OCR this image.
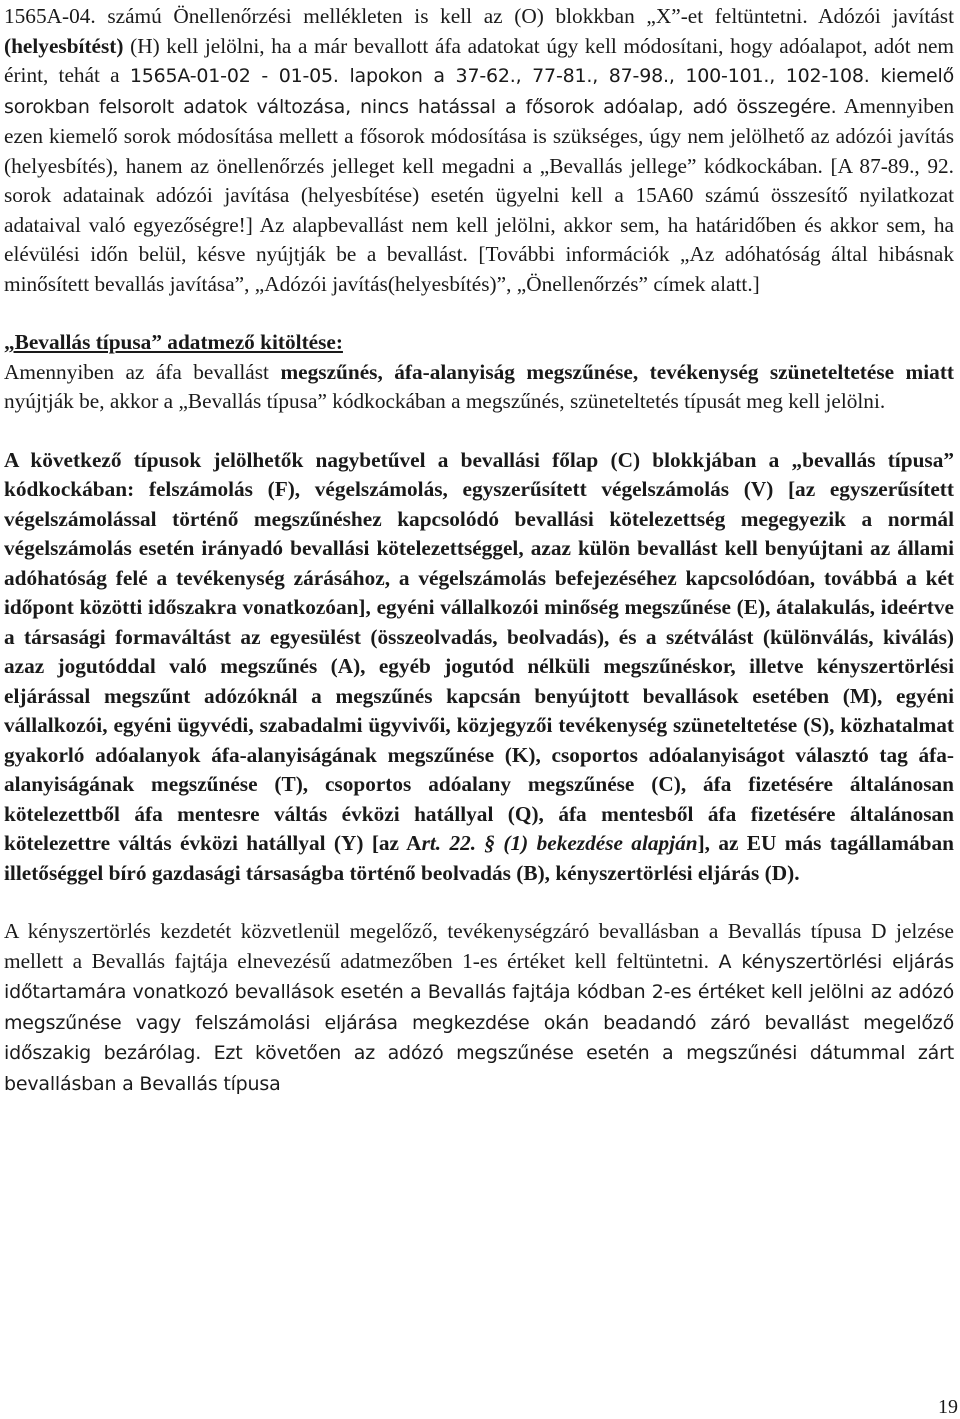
1565A-04. számú Önellenőrzési mellékleten is kell az (O) blokkban „X”-et feltüntetni. Adózói javítást (helyesbítést) (H) kell jelölni, ha a már bevallott áfa adatokat úgy kell módosítani, hogy adóalapot, adót nem érint, tehát a 1565A-01-02 - 01-05. lapokon a 37-62., 77-81., 87-98., 100-101., 102-108. kiemelő sorokban felsorolt adatok változása, nincs hatással a fősorok adóalap, adó összegére. Amennyiben ezen kiemelő sorok módosítása mellett a fősorok módosítása is szükséges, úgy nem jelölhető az adózói javítás (helyesbítés), hanem az önellenőrzés jelleget kell megadni a „Bevallás jellege” kódkockában. [A 87-89., 92. sorok adatainak adózói javítása (helyesbítése) esetén ügyelni kell a 15A60 számú összesítő nyilatkozat adataival való egyezőségre!] Az alapbevallást nem kell jelölni, akkor sem, ha határidőben és akkor sem, ha elévülési időn belül, késve nyújtják be a bevallást. [További információk „Az adóhatóság által hibásnak minősített bevallás javítása”, „Adózói javítás(helyesbítés)”, „Önellenőrzés” címek alatt.]

„Bevallás típusa” adatmező kitöltése:
Amennyiben az áfa bevallást megszűnés, áfa-alanyiság megszűnése, tevékenység szüneteltetése miatt nyújtják be, akkor a „Bevallás típusa” kódkockában a megszűnés, szüneteltetés típusát meg kell jelölni.

A következő típusok jelölhetők nagybetűvel a bevallási főlap (C) blokkjában a „bevallás típusa” kódkockában: felszámolás (F), végelszámolás, egyszerűsített végelszámolás (V) [az egyszerűsített végelszámolással történő megszűnéshez kapcsolódó bevallási kötelezettség megegyezik a normál végelszámolás esetén irányadó bevallási kötelezettséggel, azaz külön bevallást kell benyújtani az állami adóhatóság felé a tevékenység zárásához, a végelszámolás befejezéséhez kapcsolódóan, továbbá a két időpont közötti időszakra vonatkozóan], egyéni vállalkozói minőség megszűnése (E), átalakulás, ideértve a társasági formaváltást az egyesülést (összeolvadás, beolvadás), és a szétválást (különválás, kiválás) azaz jogutóddal való megszűnés (A), egyéb jogutód nélküli megszűnéskor, illetve kényszertörlési eljárással megszűnt adózóknál a megszűnés kapcsán benyújtott bevallások esetében (M), egyéni vállalkozói, egyéni ügyvédi, szabadalmi ügyvivői, közjegyzői tevékenység szüneteltetése (S), közhatalmat gyakorló adóalanyok áfa-alanyiságának megszűnése (K), csoportos adóalanyiságot választó tag áfa-alanyiságának megszűnése (T), csoportos adóalany megszűnése (C), áfa fizetésére általánosan kötelezettből áfa mentesre váltás évközi hatállyal (Q), áfa mentesből áfa fizetésére általánosan kötelezettre váltás évközi hatállyal (Y) [az Art. 22. § (1) bekezdése alapján], az EU más tagállamában illetőséggel bíró gazdasági társaságba történő beolvadás (B), kényszertörlési eljárás (D).

A kényszertörlés kezdetét közvetlenül megelőző, tevékenységzáró bevallásban a Bevallás típusa D jelzése mellett a Bevallás fajtája elnevezésű adatmezőben 1-es értéket kell feltüntetni. A kényszertörlési eljárás időtartamára vonatkozó bevallások esetén a Bevallás fajtája kódban 2-es értéket kell jelölni az adózó megszűnése vagy felszámolási eljárása megkezdése okán beadandó záró bevallást megelőző időszakig bezárólag. Ezt követően az adózó megszűnése esetén a megszűnési dátummal zárt bevallásban a Bevallás típusa

19
